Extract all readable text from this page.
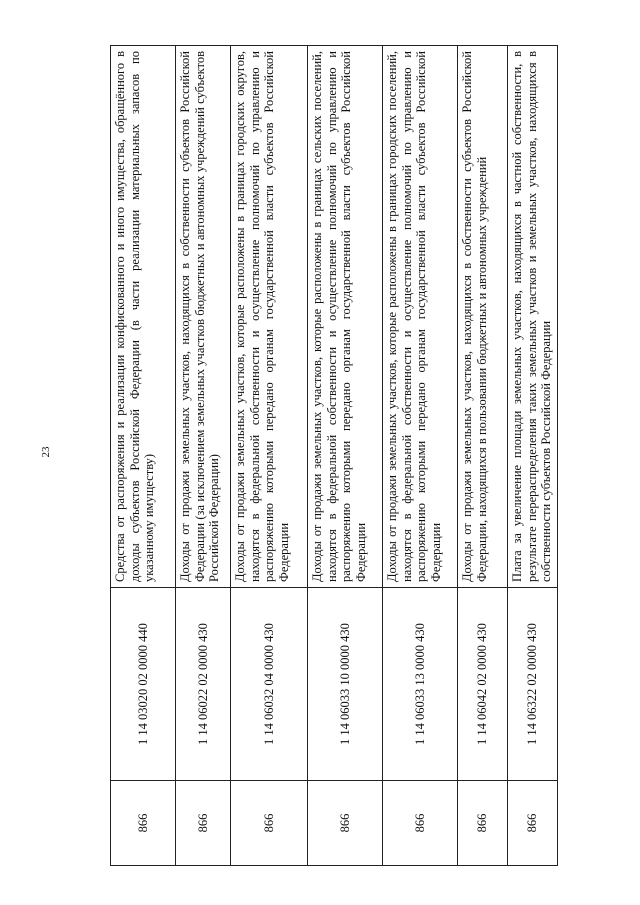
23
866	1 14 03020 02 0000 440	Средства от распоряжения и реализации конфискованного и иного имущества, обращённого в доходы субъектов Российской Федерации (в части реализации материальных запасов по указанному имуществу)
866	1 14 06022 02 0000 430	Доходы от продажи земельных участков, находящихся в собственности субъектов Российской Федерации (за исключением земельных участков бюджетных и автономных учреждений субъектов Российской Федерации)
866	1 14 06032 04 0000 430	Доходы от продажи земельных участков, которые расположены в границах городских округов, находятся в федеральной собственности и осуществление полномочий по управлению и распоряжению которыми передано органам государственной власти субъектов Российской Федерации
866	1 14 06033 10 0000 430	Доходы от продажи земельных участков, которые расположены в границах сельских поселений, находятся в федеральной собственности и осуществление полномочий по управлению и распоряжению которыми передано органам государственной власти субъектов Российской Федерации
866	1 14 06033 13 0000 430	Доходы от продажи земельных участков, которые расположены в границах городских поселений, находятся в федеральной собственности и осуществление полномочий по управлению и распоряжению которыми передано органам государственной власти субъектов Российской Федерации
866	1 14 06042 02 0000 430	Доходы от продажи земельных участков, находящихся в собственности субъектов Российской Федерации, находящихся в пользовании бюджетных и автономных учреждений
866	1 14 06322 02 0000 430	Плата за увеличение площади земельных участков, находящихся в частной собственности, в результате перераспределения таких земельных участков и земельных участков, находящихся в собственности субъектов Российской Федерации
